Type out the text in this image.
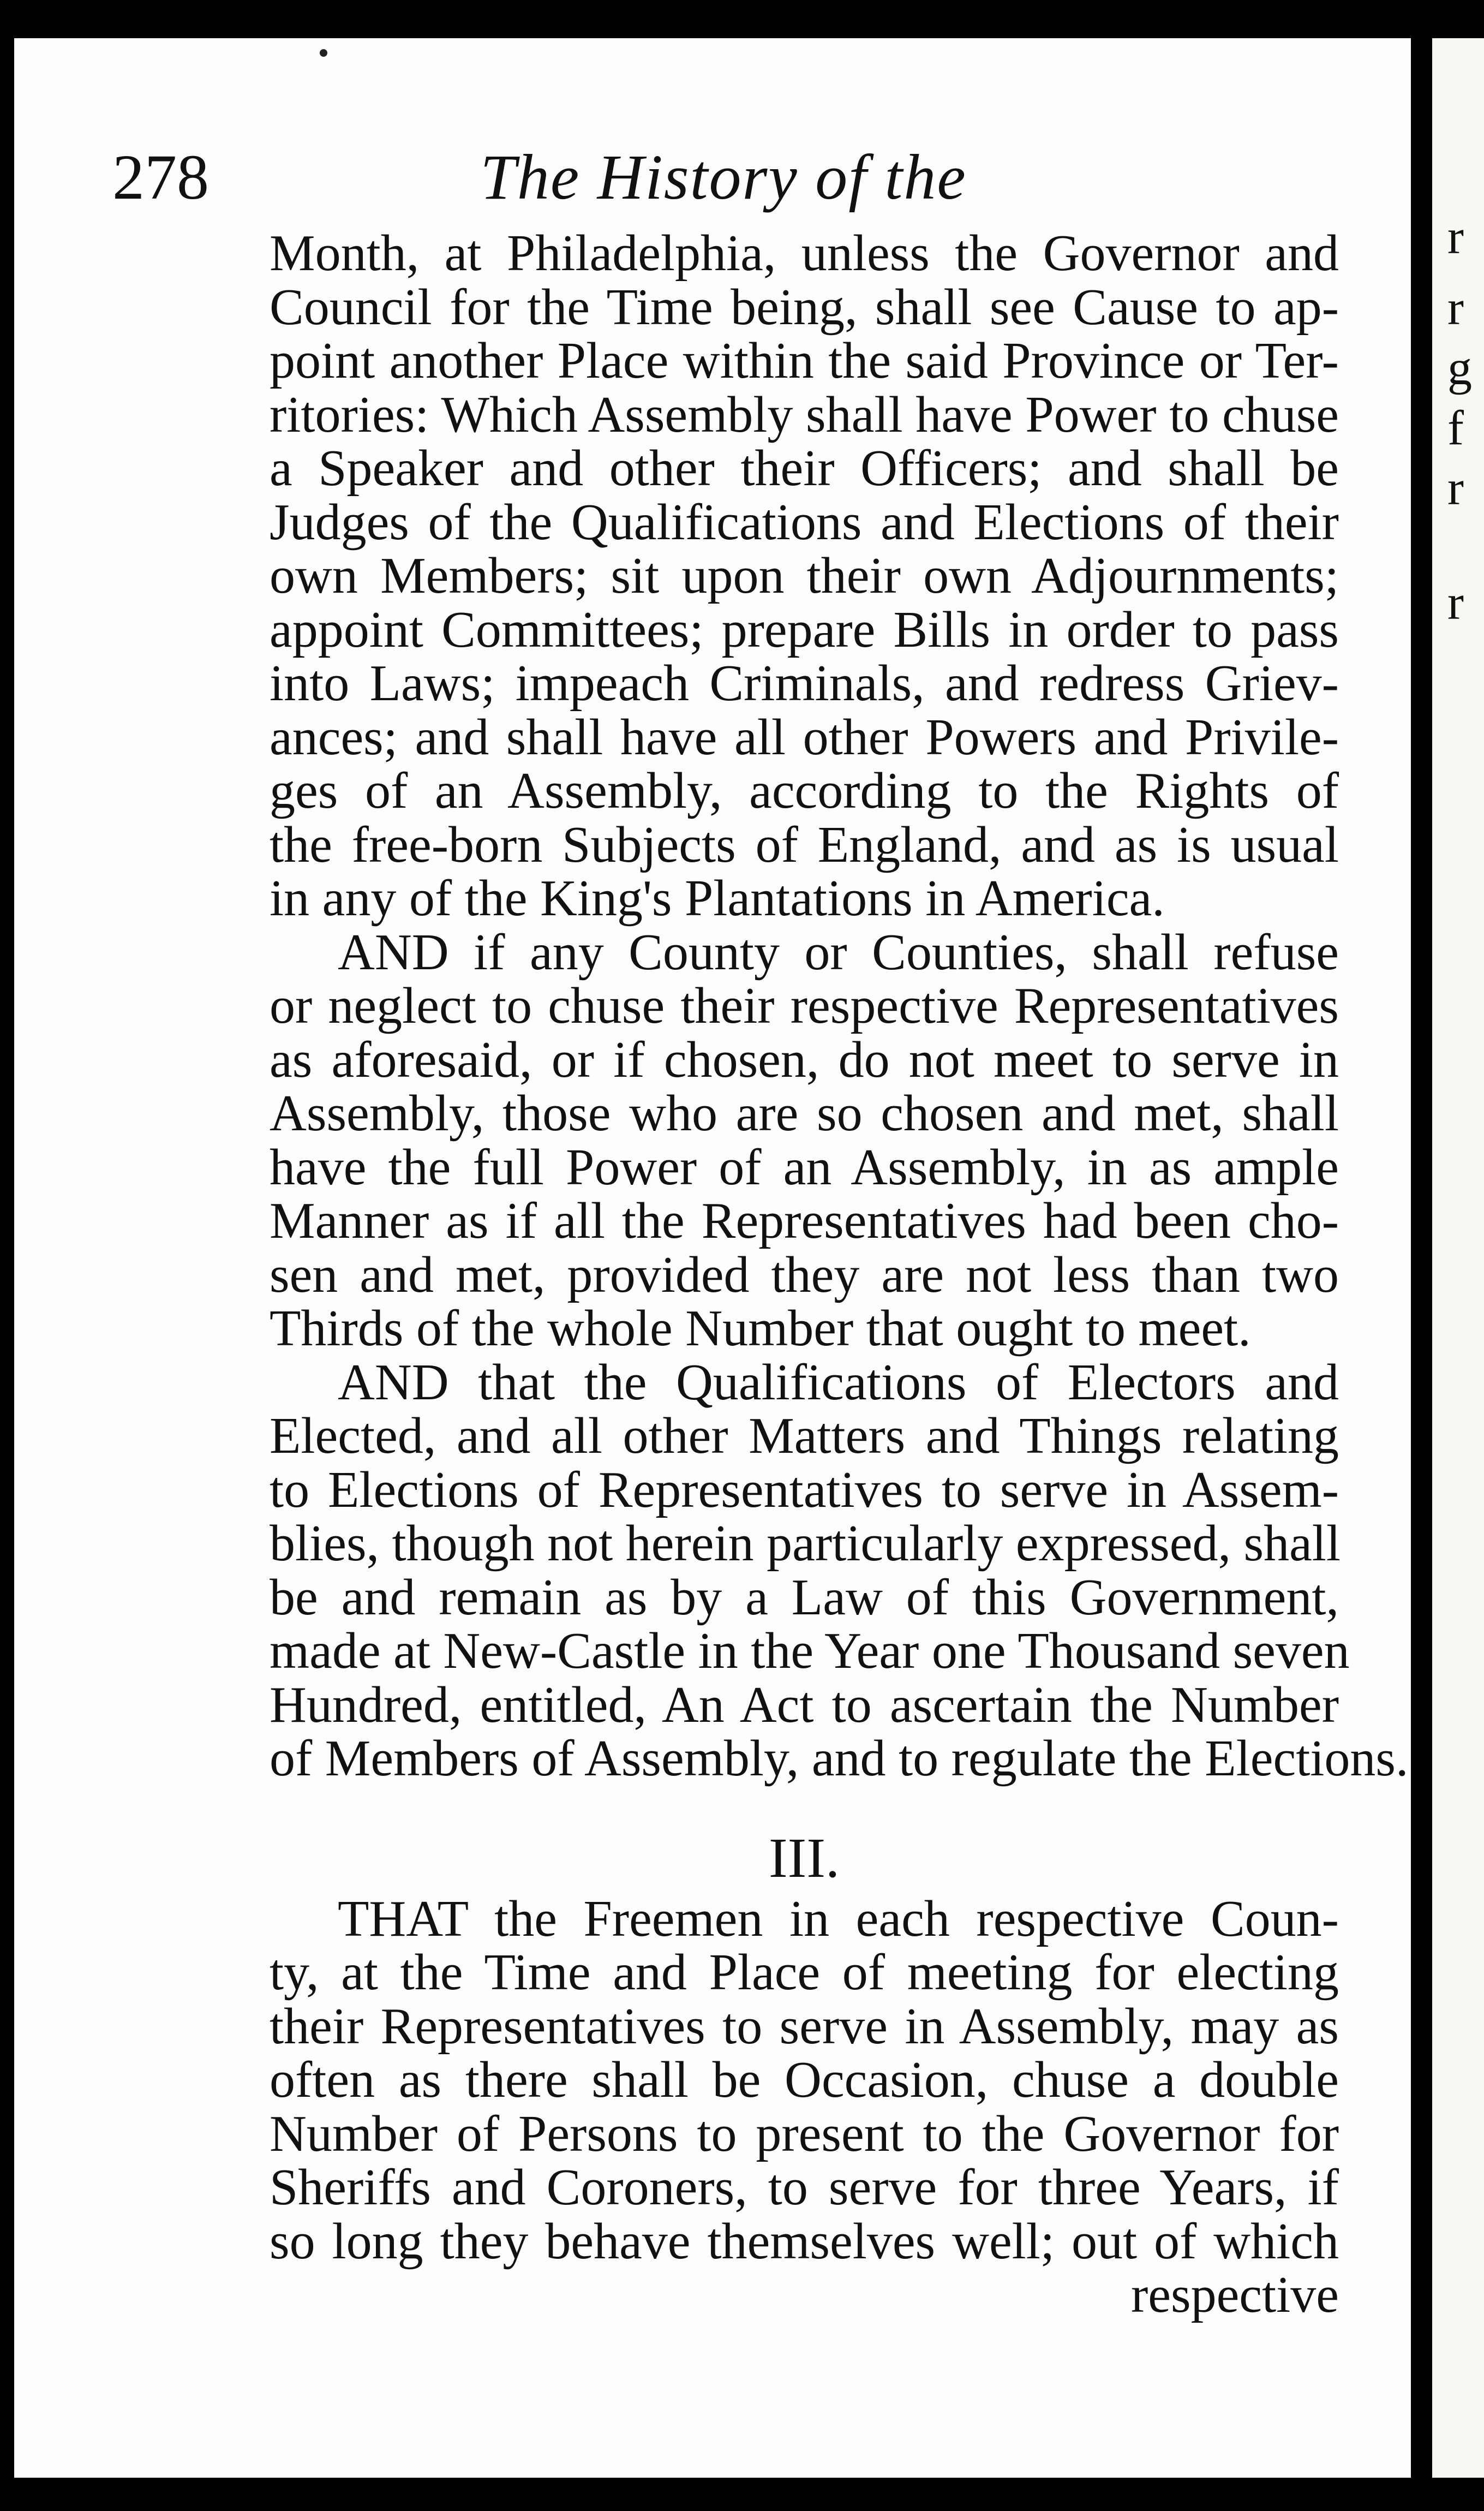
278	The History of the
Month, at Philadelphia, unless the Governor and
Council for the Time being, shall see Cause to ap-
point another Place within the said Province or Ter-
ritories: Which Assembly shall have Power to chuse
a Speaker and other their Officers; and shall be
Judges of the Qualifications and Elections of their
own Members; sit upon their own Adjournments;
appoint Committees; prepare Bills in order to pass
into Laws; impeach Criminals, and redress Griev-
ances; and shall have all other Powers and Privile-
ges of an Assembly, according to the Rights of
the free-born Subjects of England, and as is usual
in any of the King's Plantations in America.
AND if any County or Counties, shall refuse
or neglect to chuse their respective Representatives
as aforesaid, or if chosen, do not meet to serve in
Assembly, those who are so chosen and met, shall
have the full Power of an Assembly, in as ample
Manner as if all the Representatives had been cho-
sen and met, provided they are not less than two
Thirds of the whole Number that ought to meet.
AND that the Qualifications of Electors and
Elected, and all other Matters and Things relating
to Elections of Representatives to serve in Assem-
blies, though not herein particularly expressed, shall
be and remain as by a Law of this Government,
made at New-Castle in the Year one Thousand seven
Hundred, entitled, An Act to ascertain the Number
of Members of Assembly, and to regulate the Elections.
III.
THAT the Freemen in each respective Coun-
ty, at the Time and Place of meeting for electing
their Representatives to serve in Assembly, may as
often as there shall be Occasion, chuse a double
Number of Persons to present to the Governor for
Sheriffs and Coroners, to serve for three Years, if
so long they behave themselves well; out of which
respective
r
r
g
f
r
r
